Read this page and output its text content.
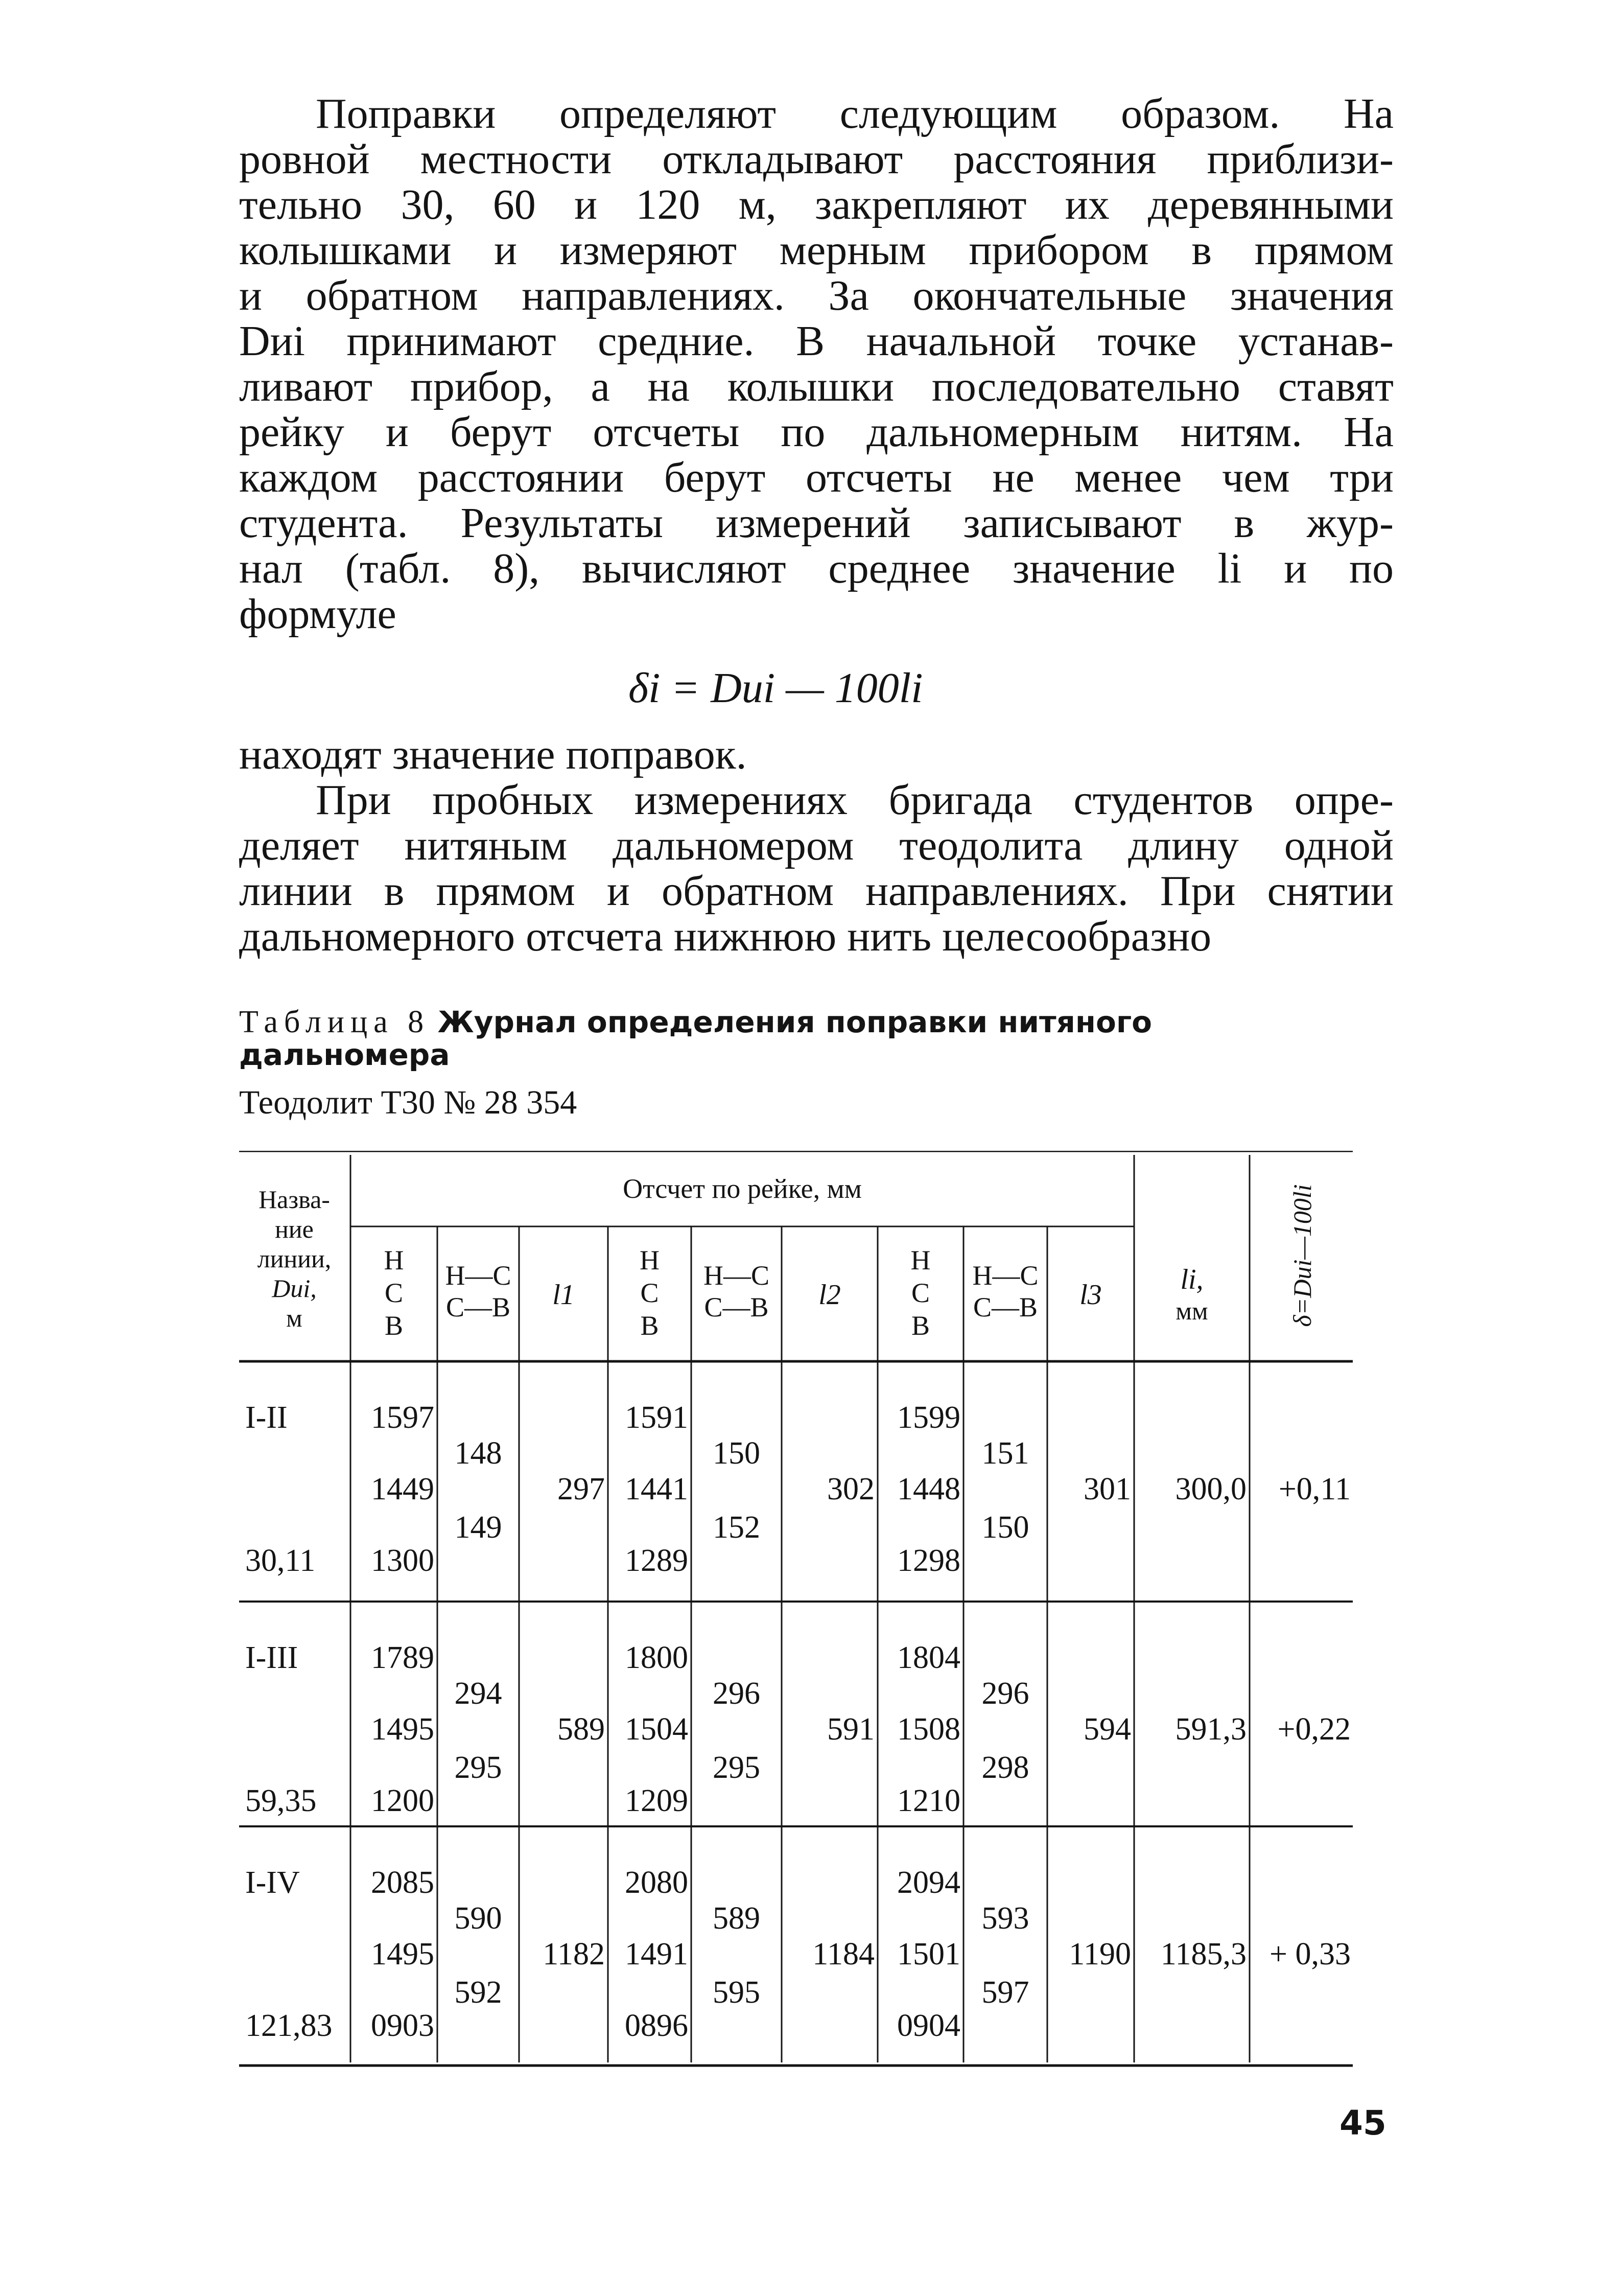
Поправки определяют следующим образом. На
ровной местности откладывают расстояния приблизи-
тельно 30, 60 и 120 м, закрепляют их деревянными
колышками и измеряют мерным прибором в прямом
и обратном направлениях. За окончательные значения
Dиi принимают средние. В начальной точке устанав-
ливают прибор, а на колышки последовательно ставят
рейку и берут отсчеты по дальномерным нитям. На
каждом расстоянии берут отсчеты не менее чем три
студента. Результаты измерений записывают в жур-
нал (табл. 8), вычисляют среднее значение li и по
формуле
δi = Dиi — 100li
находят значение поправок.
При пробных измерениях бригада студентов опре-
деляет нитяным дальномером теодолита длину одной
линии в прямом и обратном направлениях. При снятии
дальномерного отсчета нижнюю нить целесообразно
Таблица 8 Журнал определения поправки нитяного
дальномера
Теодолит Т30 № 28 354
Назва-
ние
линии,
Dиi,
м
Отсчет по рейке, мм
Н
С
В
Н—С
С—В l1
Н
С
В
Н—С
С—В l2
Н
С
В
Н—С
С—В l3	li,
мм	δ=Dиi—100li
I-II
30,11
1597
1449
1300
148
149
297
1591
1441
1289
150
152
302
1599
1448
1298
151
150
301 300,0 +0,11
I-III
59,35
1789
1495
1200
294
295
589
1800
1504
1209
296
295
591
1804
1508
1210
296
298
594 591,3 +0,22
I-IV
121,83
2085
1495
0903
590
592
1182
2080
1491
0896
589
595
1184
2094
1501
0904
593
597
1190 1185,3 + 0,33
45
